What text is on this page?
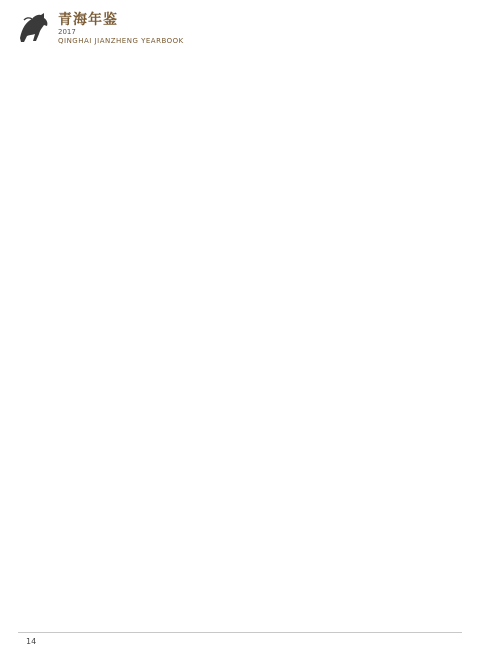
青海年鉴
2017
QINGHAI JIANZHENG YEARBOOK
14
